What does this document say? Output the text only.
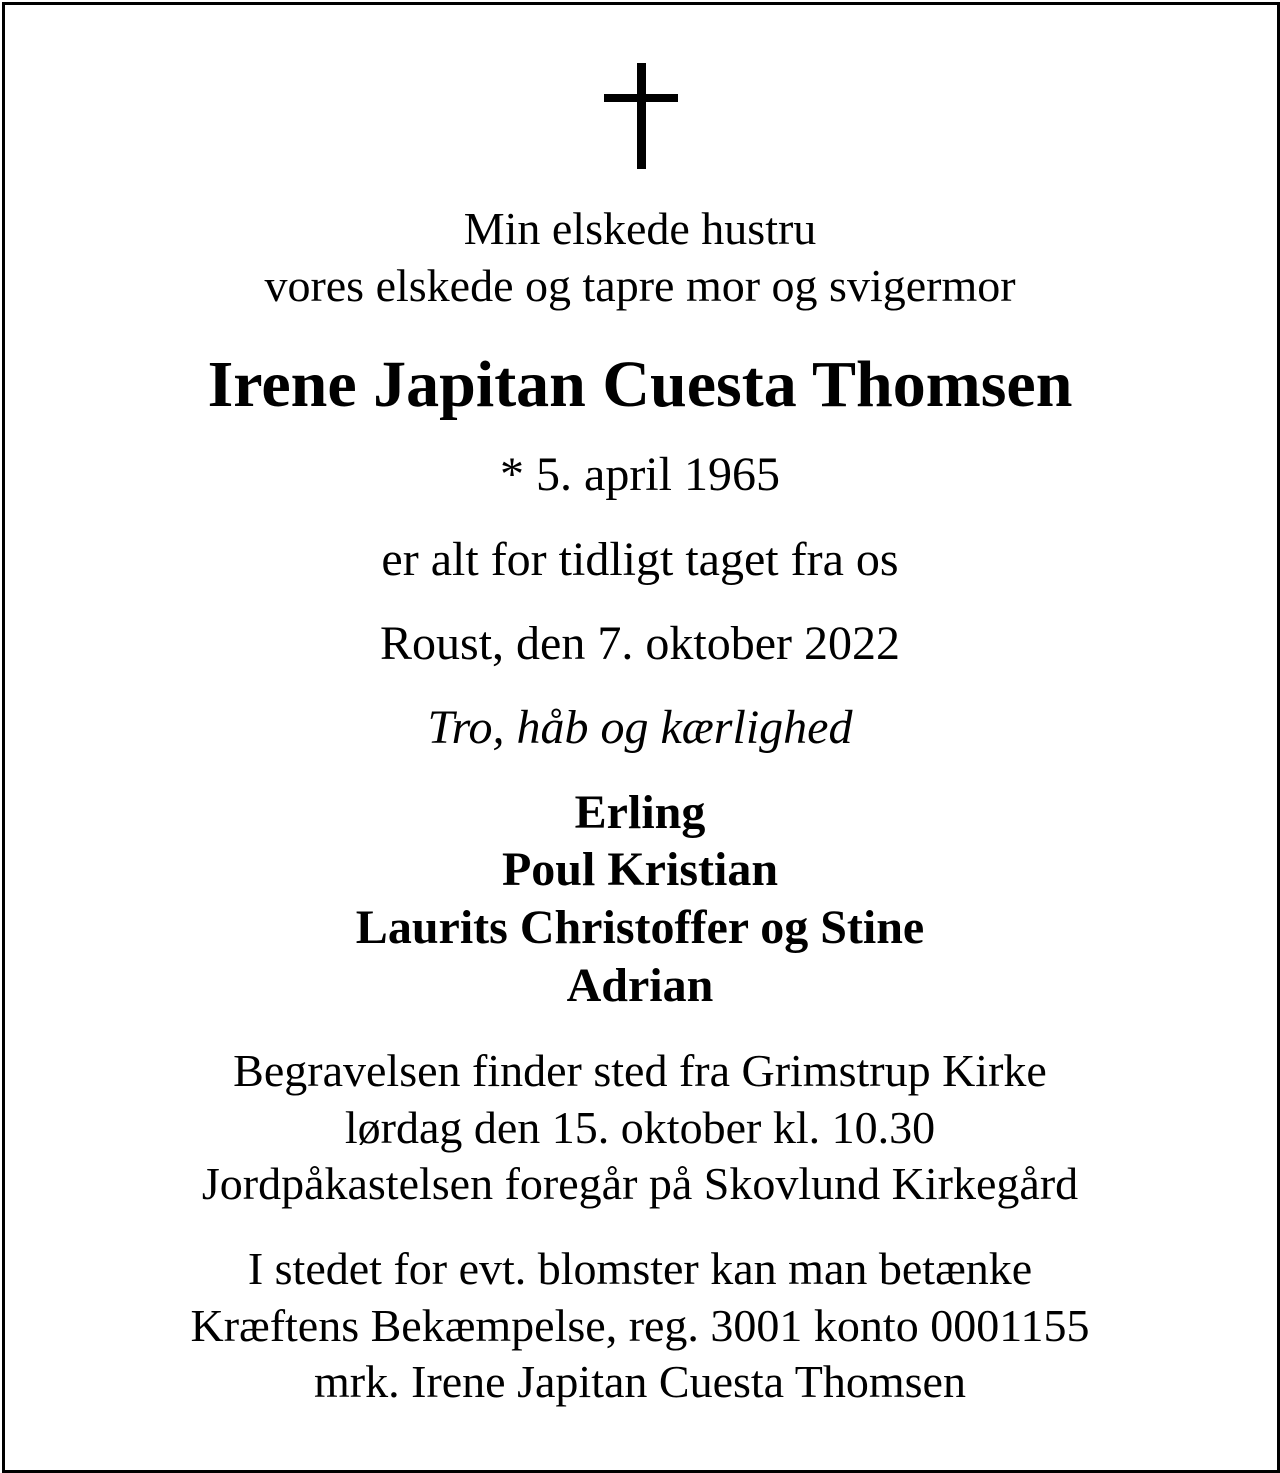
Min elskede hustru
vores elskede og tapre mor og svigermor
Irene Japitan Cuesta Thomsen
* 5. april 1965
er alt for tidligt taget fra os
Roust, den 7. oktober 2022
Tro, håb og kærlighed
Erling
Poul Kristian
Laurits Christoffer og Stine
Adrian
Begravelsen finder sted fra Grimstrup Kirke
lørdag den 15. oktober kl. 10.30
Jordpåkastelsen foregår på Skovlund Kirkegård
I stedet for evt. blomster kan man betænke
Kræftens Bekæmpelse, reg. 3001 konto 0001155
mrk. Irene Japitan Cuesta Thomsen
